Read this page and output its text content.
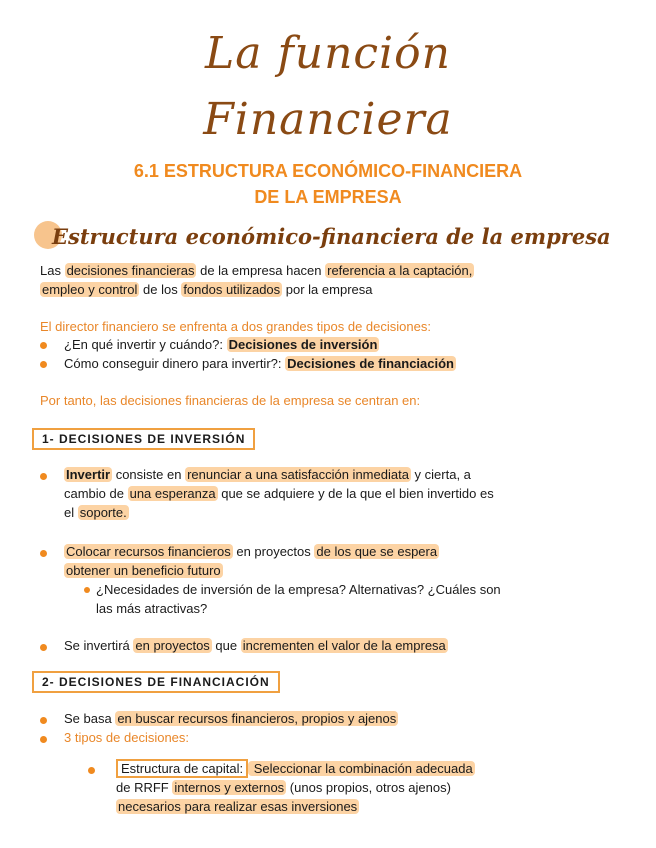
La función
Financiera
6.1 ESTRUCTURA ECONÓMICO-FINANCIERA
DE LA EMPRESA
Estructura económico-financiera de la empresa
Las decisiones financieras de la empresa hacen referencia a la captación,
empleo y control de los fondos utilizados por la empresa
El director financiero se enfrenta a dos grandes tipos de decisiones:
¿En qué invertir y cuándo?: Decisiones de inversión
Cómo conseguir dinero para invertir?: Decisiones de financiación
Por tanto, las decisiones financieras de la empresa se centran en:
1- DECISIONES DE INVERSIÓN
Invertir consiste en renunciar a una satisfacción inmediata y cierta, a
cambio de una esperanza que se adquiere y de la que el bien invertido es
el soporte.
Colocar recursos financieros en proyectos de los que se espera
obtener un beneficio futuro
¿Necesidades de inversión de la empresa? Alternativas? ¿Cuáles son
las más atractivas?
Se invertirá en proyectos que incrementen el valor de la empresa
2- DECISIONES DE FINANCIACIÓN
Se basa en buscar recursos financieros, propios y ajenos
3 tipos de decisiones:
Estructura de capital: Seleccionar la combinación adecuada
de RRFF internos y externos (unos propios, otros ajenos)
necesarios para realizar esas inversiones
